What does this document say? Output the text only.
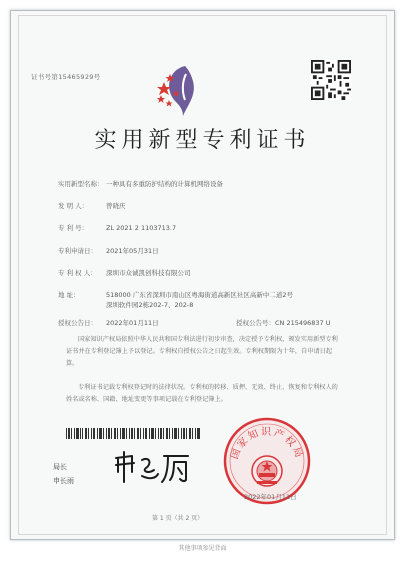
证书号第15465929号
实用新型专利证书
实用新型名称： 一种具有多重防护结构的计算机网络设备
发 明 人：	曾晓庆
专 利 号：	ZL 2021 2 1103713.7
专利申请日： 2021年05月31日
专 利 权 人： 深圳市众诚凯创科技有限公司
地 址：	518000 广东省深圳市南山区粤海街道高新区社区高新中二道2号深圳软件园2栋202-7、202-8
授权公告日： 2022年01月11日	授权公告号：CN 215496837 U
国家知识产权局依照中华人民共和国专利法进行初步审查，决定授予专利权，颁发实用新型专利证书并在专利登记簿上予以登记。专利权自授权公告之日起生效。专利权期限为十年，自申请日起算。
专利证书记载专利权登记时的法律状况。专利权的转移、质押、无效、终止、恢复和专利权人的姓名或名称、国籍、地址变更等事项记载在专利登记簿上。
国家知识产权局
局长
申长雨
2022年01月11日
第 1 页（共 2 页）
其他事项参见背面
